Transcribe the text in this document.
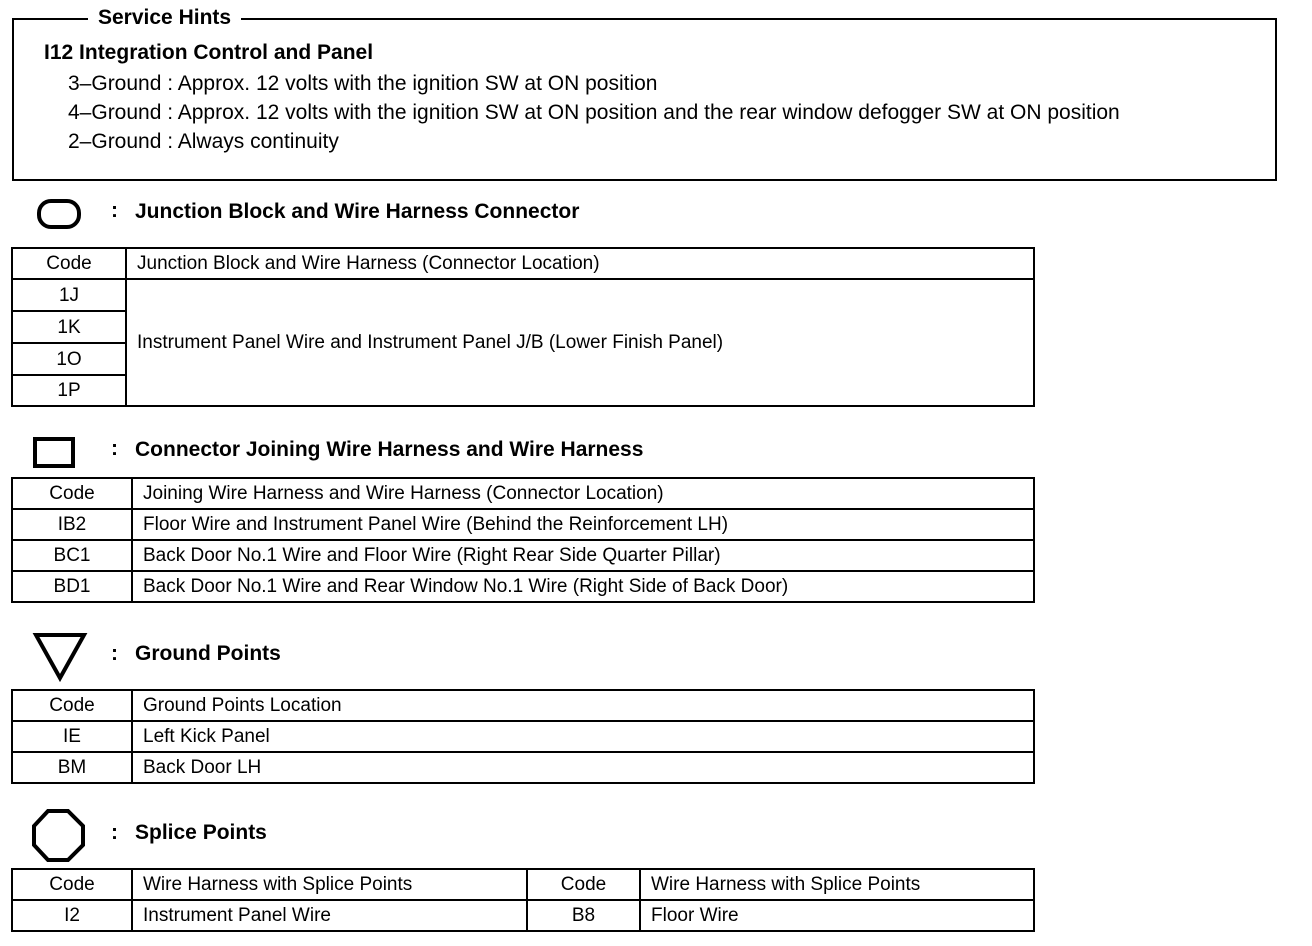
Service Hints
I12 Integration Control and Panel
3–Ground : Approx. 12 volts with the ignition SW at ON position
4–Ground : Approx. 12 volts with the ignition SW at ON position and the rear window defogger SW at ON position
2–Ground : Always continuity
: Junction Block and Wire Harness Connector
Code	Junction Block and Wire Harness (Connector Location)
1J	Instrument Panel Wire and Instrument Panel J/B (Lower Finish Panel)
1K	
1O	
1P	
: Connector Joining Wire Harness and Wire Harness
Code	Joining Wire Harness and Wire Harness (Connector Location)
IB2	Floor Wire and Instrument Panel Wire (Behind the Reinforcement LH)
BC1	Back Door No.1 Wire and Floor Wire (Right Rear Side Quarter Pillar)
BD1	Back Door No.1 Wire and Rear Window No.1 Wire (Right Side of Back Door)
: Ground Points
Code	Ground Points Location
IE	Left Kick Panel
BM	Back Door LH
: Splice Points
Code	Wire Harness with Splice Points	Code	Wire Harness with Splice Points
I2	Instrument Panel Wire	B8	Floor Wire
